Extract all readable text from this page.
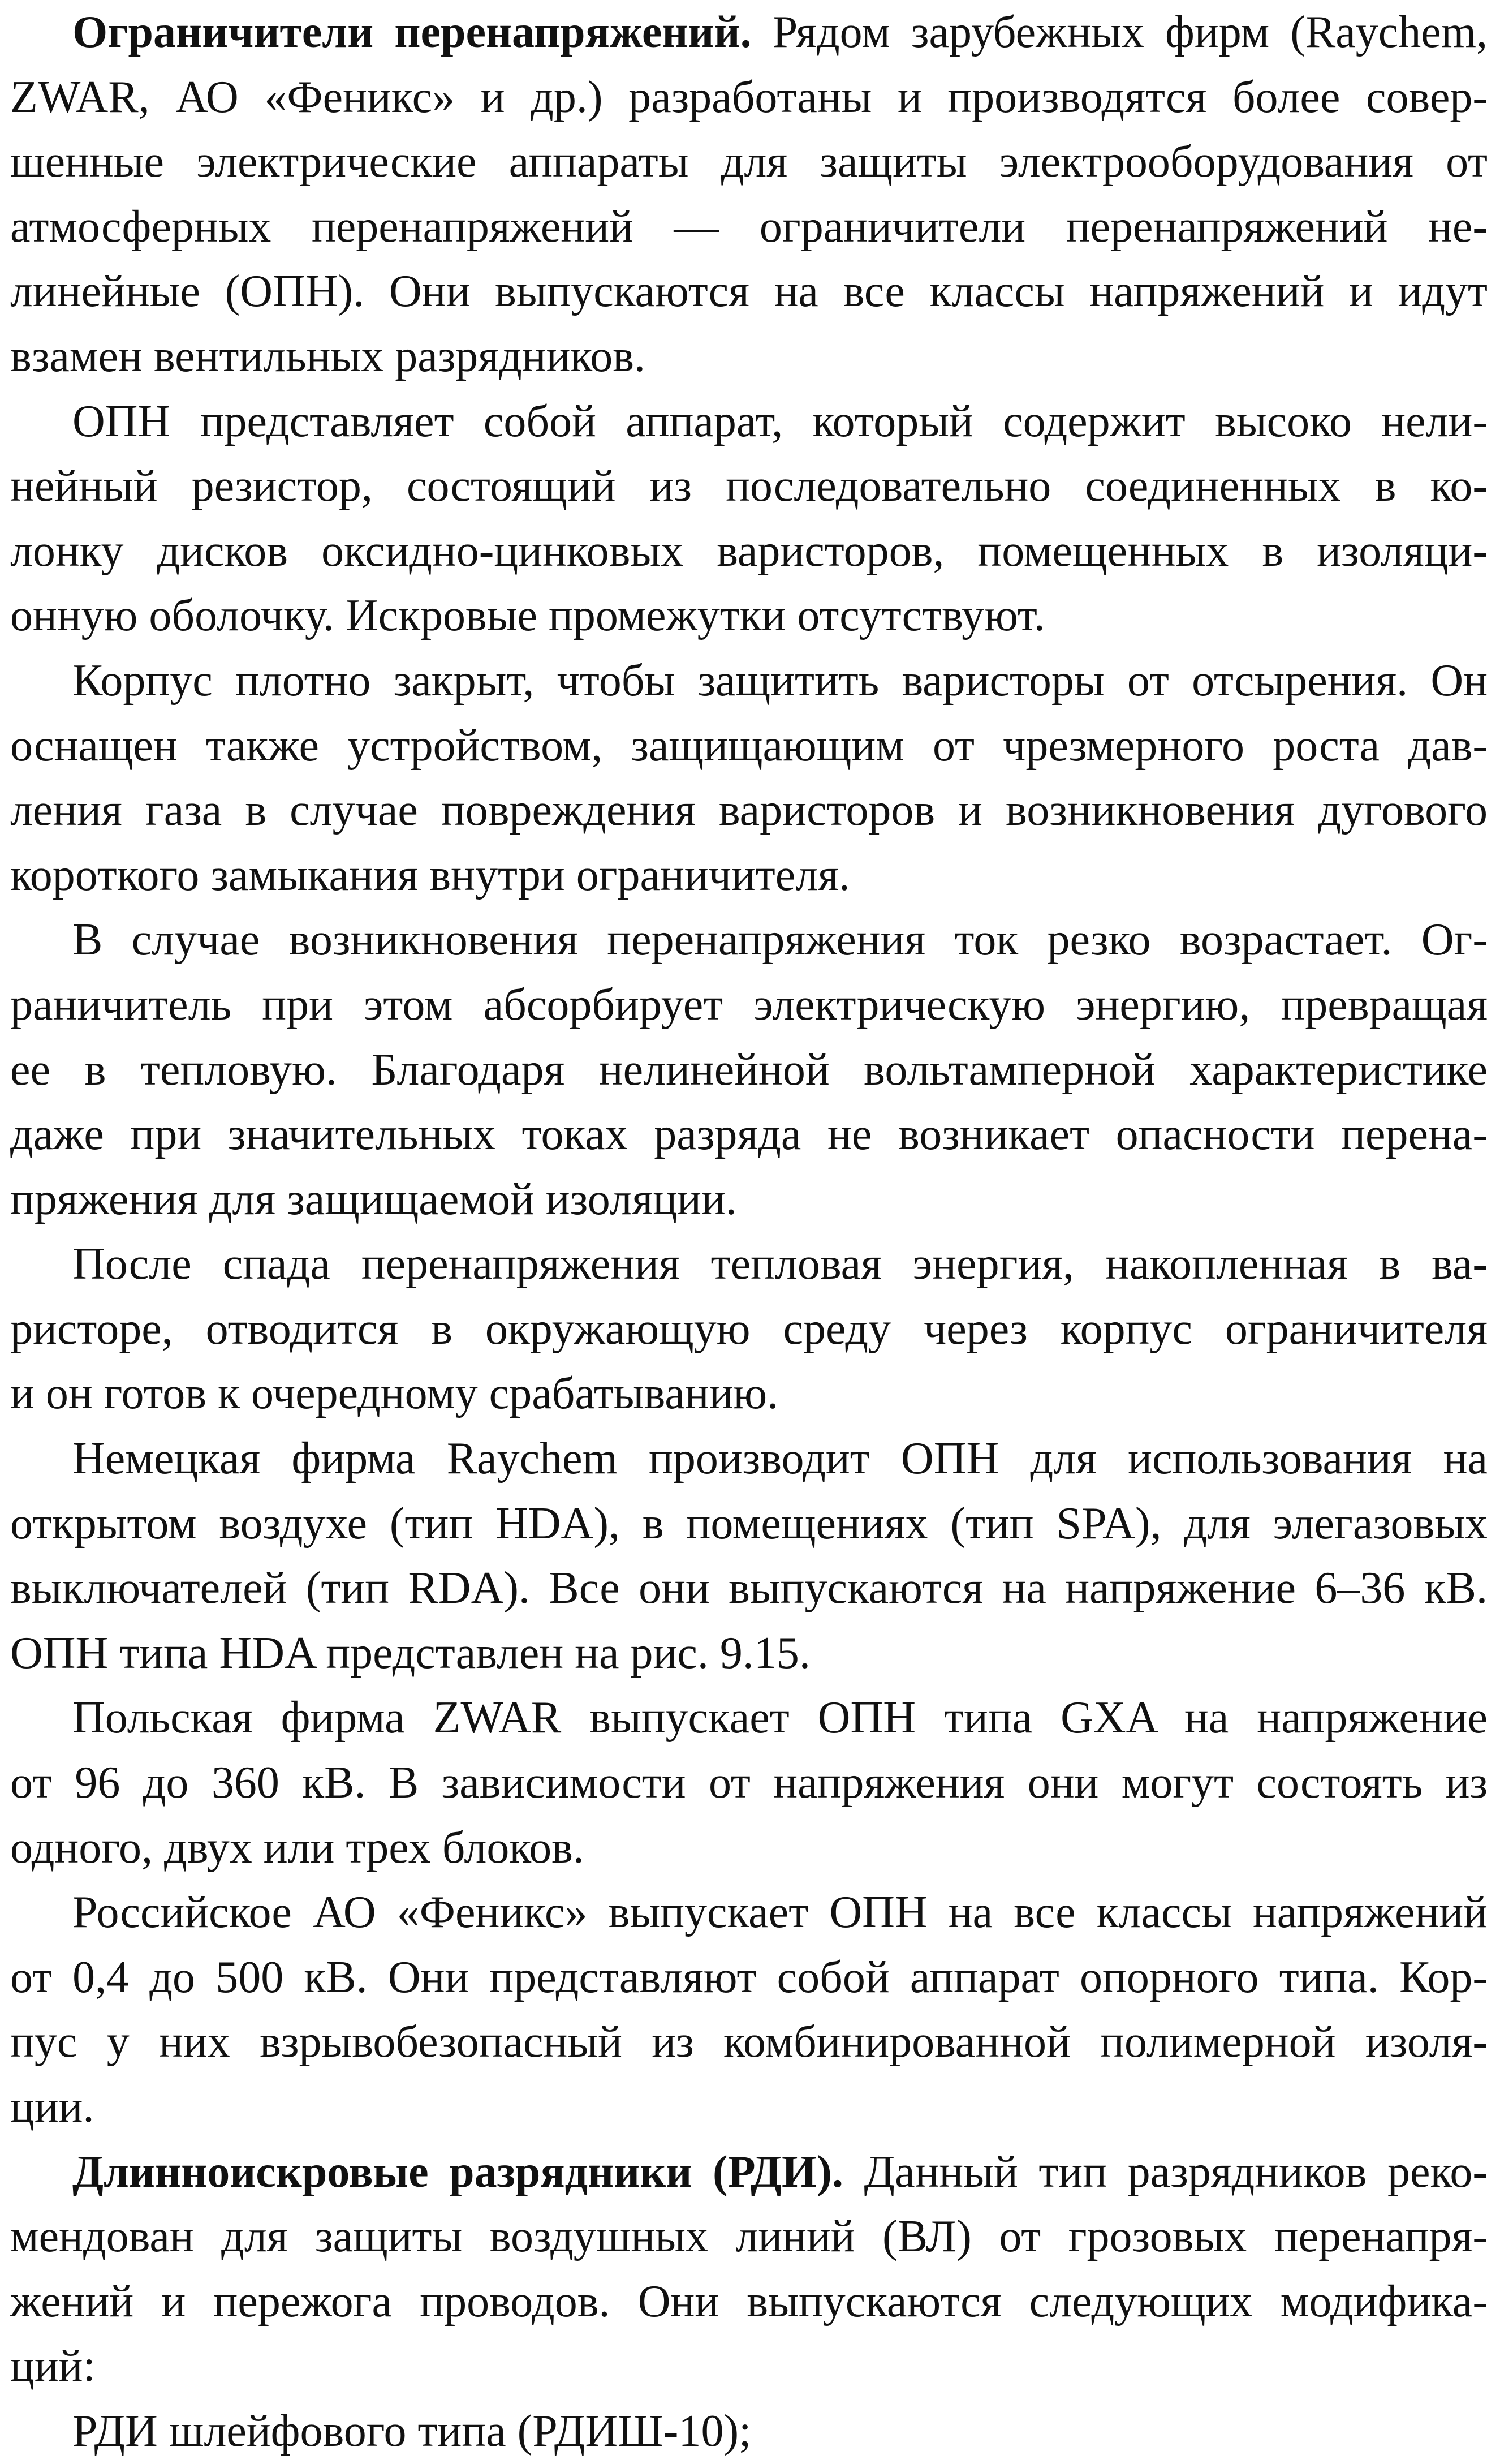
Ограничители перенапряжений. Рядом зарубежных фирм (Raychem,
ZWAR, АО «Феникс» и др.) разработаны и производятся более совер-
шенные электрические аппараты для защиты электрооборудования от
атмосферных перенапряжений — ограничители перенапряжений не-
линейные (ОПН). Они выпускаются на все классы напряжений и идут
взамен вентильных разрядников.
ОПН представляет собой аппарат, который содержит высоко нели-
нейный резистор, состоящий из последовательно соединенных в ко-
лонку дисков оксидно-цинковых варисторов, помещенных в изоляци-
онную оболочку. Искровые промежутки отсутствуют.
Корпус плотно закрыт, чтобы защитить варисторы от отсырения. Он
оснащен также устройством, защищающим от чрезмерного роста дав-
ления газа в случае повреждения варисторов и возникновения дугового
короткого замыкания внутри ограничителя.
В случае возникновения перенапряжения ток резко возрастает. Ог-
раничитель при этом абсорбирует электрическую энергию, превращая
ее в тепловую. Благодаря нелинейной вольтамперной характеристике
даже при значительных токах разряда не возникает опасности перена-
пряжения для защищаемой изоляции.
После спада перенапряжения тепловая энергия, накопленная в ва-
ристоре, отводится в окружающую среду через корпус ограничителя
и он готов к очередному срабатыванию.
Немецкая фирма Raychem производит ОПН для использования на
открытом воздухе (тип HDA), в помещениях (тип SPA), для элегазовых
выключателей (тип RDA). Все они выпускаются на напряжение 6–36 кВ.
ОПН типа HDA представлен на рис. 9.15.
Польская фирма ZWAR выпускает ОПН типа GXA на напряжение
от 96 до 360 кВ. В зависимости от напряжения они могут состоять из
одного, двух или трех блоков.
Российское АО «Феникс» выпускает ОПН на все классы напряжений
от 0,4 до 500 кВ. Они представляют собой аппарат опорного типа. Кор-
пус у них взрывобезопасный из комбинированной полимерной изоля-
ции.
Длинноискровые разрядники (РДИ). Данный тип разрядников реко-
мендован для защиты воздушных линий (ВЛ) от грозовых перенапря-
жений и пережога проводов. Они выпускаются следующих модифика-
ций:
РДИ шлейфового типа (РДИШ-10);
